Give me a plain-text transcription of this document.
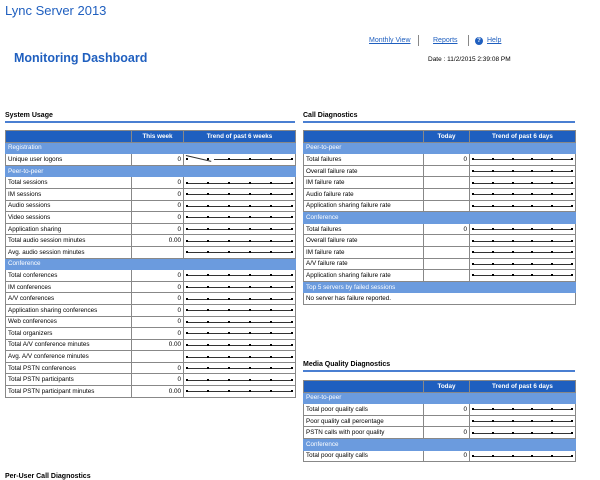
Lync Server 2013
Monitoring Dashboard
Monthly View	Reports	? Help
Date : 11/2/2015 2:39:08 PM
System Usage
	This week	Trend of past 6 weeks
Registration		
Unique user logons	0	

Peer-to-peer		
Total sessions	0	

IM sessions	0	

Audio sessions	0	

Video sessions	0	

Application sharing	0	

Total audio session minutes	0.00	

Avg. audio session minutes		

Conference		
Total conferences	0	

IM conferences	0	

A/V conferences	0	

Application sharing conferences	0	

Web conferences	0	

Total organizers	0	

Total A/V conference minutes	0.00	

Avg. A/V conference minutes		

Total PSTN conferences	0	

Total PSTN participants	0	

Total PSTN participant minutes	0.00	
Per-User Call Diagnostics
Call Diagnostics
	Today	Trend of past 6 days
Peer-to-peer		
Total failures	0	

Overall failure rate		

IM failure rate		

Audio failure rate		

Application sharing failure rate		

Conference		
Total failures	0	

Overall failure rate		

IM failure rate		

A/V failure rate		

Application sharing failure rate		

Top 5 servers by failed sessions		
No server has failure reported.		
Media Quality Diagnostics
	Today	Trend of past 6 days
Peer-to-peer		
Total poor quality calls	0	

Poor quality call percentage		

PSTN calls with poor quality	0	

Conference		
Total poor quality calls	0	
